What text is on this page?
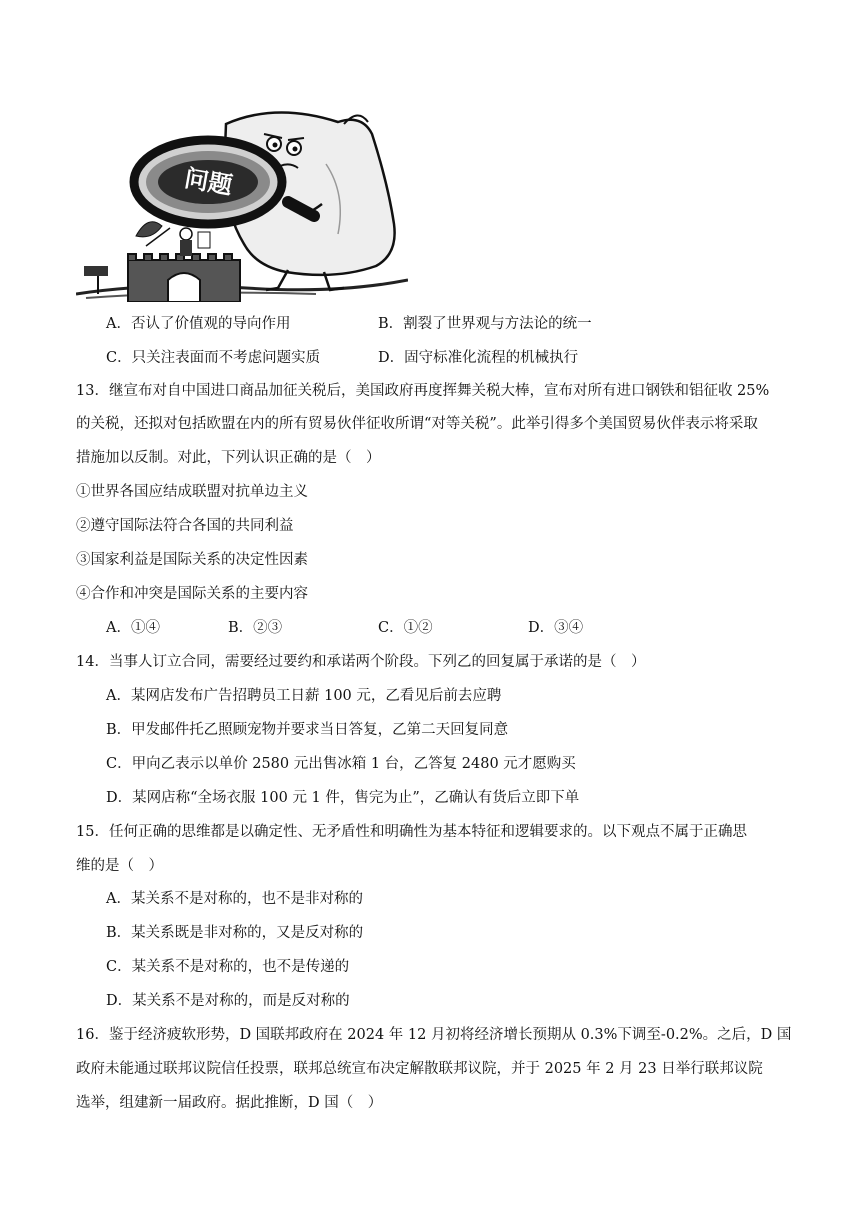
问题
A．否认了价值观的导向作用	B．割裂了世界观与方法论的统一
C．只关注表面而不考虑问题实质	D．固守标准化流程的机械执行
13．继宣布对自中国进口商品加征关税后，美国政府再度挥舞关税大棒，宣布对所有进口钢铁和铝征收 25%
的关税，还拟对包括欧盟在内的所有贸易伙伴征收所谓“对等关税”。此举引得多个美国贸易伙伴表示将采取
措施加以反制。对此，下列认识正确的是（　）
①世界各国应结成联盟对抗单边主义
②遵守国际法符合各国的共同利益
③国家利益是国际关系的决定性因素
④合作和冲突是国际关系的主要内容
A．①④	B．②③	C．①②	D．③④
14．当事人订立合同，需要经过要约和承诺两个阶段。下列乙的回复属于承诺的是（　）
A．某网店发布广告招聘员工日薪 100 元，乙看见后前去应聘
B．甲发邮件托乙照顾宠物并要求当日答复，乙第二天回复同意
C．甲向乙表示以单价 2580 元出售冰箱 1 台，乙答复 2480 元才愿购买
D．某网店称“全场衣服 100 元 1 件，售完为止”，乙确认有货后立即下单
15．任何正确的思维都是以确定性、无矛盾性和明确性为基本特征和逻辑要求的。以下观点不属于正确思
维的是（　）
A．某关系不是对称的，也不是非对称的
B．某关系既是非对称的，又是反对称的
C．某关系不是对称的，也不是传递的
D．某关系不是对称的，而是反对称的
16．鉴于经济疲软形势，D 国联邦政府在 2024 年 12 月初将经济增长预期从 0.3%下调至-0.2%。之后，D 国
政府未能通过联邦议院信任投票，联邦总统宣布决定解散联邦议院，并于 2025 年 2 月 23 日举行联邦议院
选举，组建新一届政府。据此推断，D 国（　）
